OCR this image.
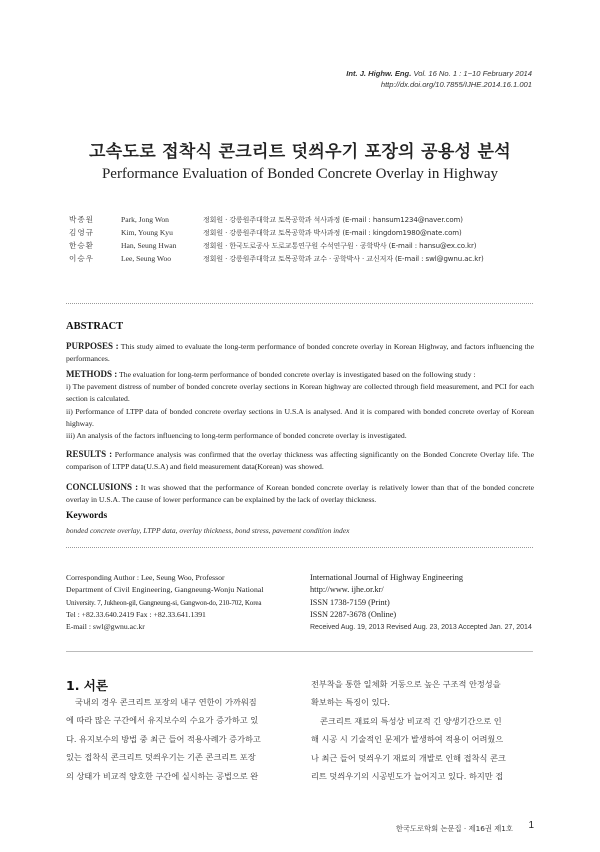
Int. J. Highw. Eng. Vol. 16 No. 1 : 1~10 February 2014
http://dx.doi.org/10.7855/IJHE.2014.16.1.001
고속도로 접착식 콘크리트 덧씌우기 포장의 공용성 분석
Performance Evaluation of Bonded Concrete Overlay in Highway
박종원	Park, Jong Won	정회원 · 강릉원주대학교 토목공학과 석사과정 (E-mail : hansum1234@naver.com)
김영규	Kim, Young Kyu	정회원 · 강릉원주대학교 토목공학과 박사과정 (E-mail : kingdom1980@nate.com)
한승환	Han, Seung Hwan	정회원 · 한국도로공사 도로교통연구원 수석연구원 · 공학박사 (E-mail : hansu@ex.co.kr)
이승우	Lee, Seung Woo	정회원 · 강릉원주대학교 토목공학과 교수 · 공학박사 · 교신저자 (E-mail : swl@gwnu.ac.kr)
ABSTRACT
PURPOSES : This study aimed to evaluate the long-term performance of bonded concrete overlay in Korean Highway, and factors influencing the performances.
METHODS : The evaluation for long-term performance of bonded concrete overlay is investigated based on the following study :
i) The pavement distress of number of bonded concrete overlay sections in Korean highway are collected through field measurement, and PCI for each section is calculated.
ii) Performance of LTPP data of bonded concrete overlay sections in U.S.A is analysed. And it is compared with bonded concrete overlay of Korean highway.
iii) An analysis of the factors influencing to long-term performance of bonded concrete overlay is investigated.
RESULTS : Performance analysis was confirmed that the overlay thickness was affecting significantly on the Bonded Concrete Overlay life. The comparison of LTPP data(U.S.A) and field measurement data(Korean) was showed.
CONCLUSIONS : It was showed that the performance of Korean bonded concrete overlay is relatively lower than that of the bonded concrete overlay in U.S.A. The cause of lower performance can be explained by the lack of overlay thickness.
Keywords
bonded concrete overlay, LTPP data, overlay thickness, bond stress, pavement condition index
Corresponding Author : Lee, Seung Woo, Professor
Department of Civil Engineering, Gangneung-Wonju National
University. 7, Jukheon-gil, Gangneung-si, Gangwon-do, 210-702, Korea
Tel : +82.33.640.2419 Fax : +82.33.641.1391
E-mail : swl@gwnu.ac.kr
International Journal of Highway Engineering
http://www. ijhe.or.kr/
ISSN 1738-7159 (Print)
ISSN 2287-3678 (Online)
Received Aug. 19, 2013 Revised Aug. 23, 2013 Accepted Jan. 27, 2014
1. 서론
국내의 경우 콘크리트 포장의 내구 연한이 가까워짐
에 따라 많은 구간에서 유지보수의 수요가 증가하고 있
다. 유지보수의 방법 중 최근 들어 적용사례가 증가하고
있는 접착식 콘크리트 덧씌우기는 기존 콘크리트 포장
의 상태가 비교적 양호한 구간에 실시하는 공법으로 완
전부착을 통한 일체화 거동으로 높은 구조적 안정성을
확보하는 특징이 있다.
콘크리트 재료의 특성상 비교적 긴 양생기간으로 인
해 시공 시 기술적인 문제가 발생하여 적용이 어려웠으
나 최근 들어 덧씌우기 재료의 개발로 인해 접착식 콘크
리트 덧씌우기의 시공빈도가 늘어지고 있다. 하지만 접
한국도로학회 논문집 · 제16권 제1호 1
